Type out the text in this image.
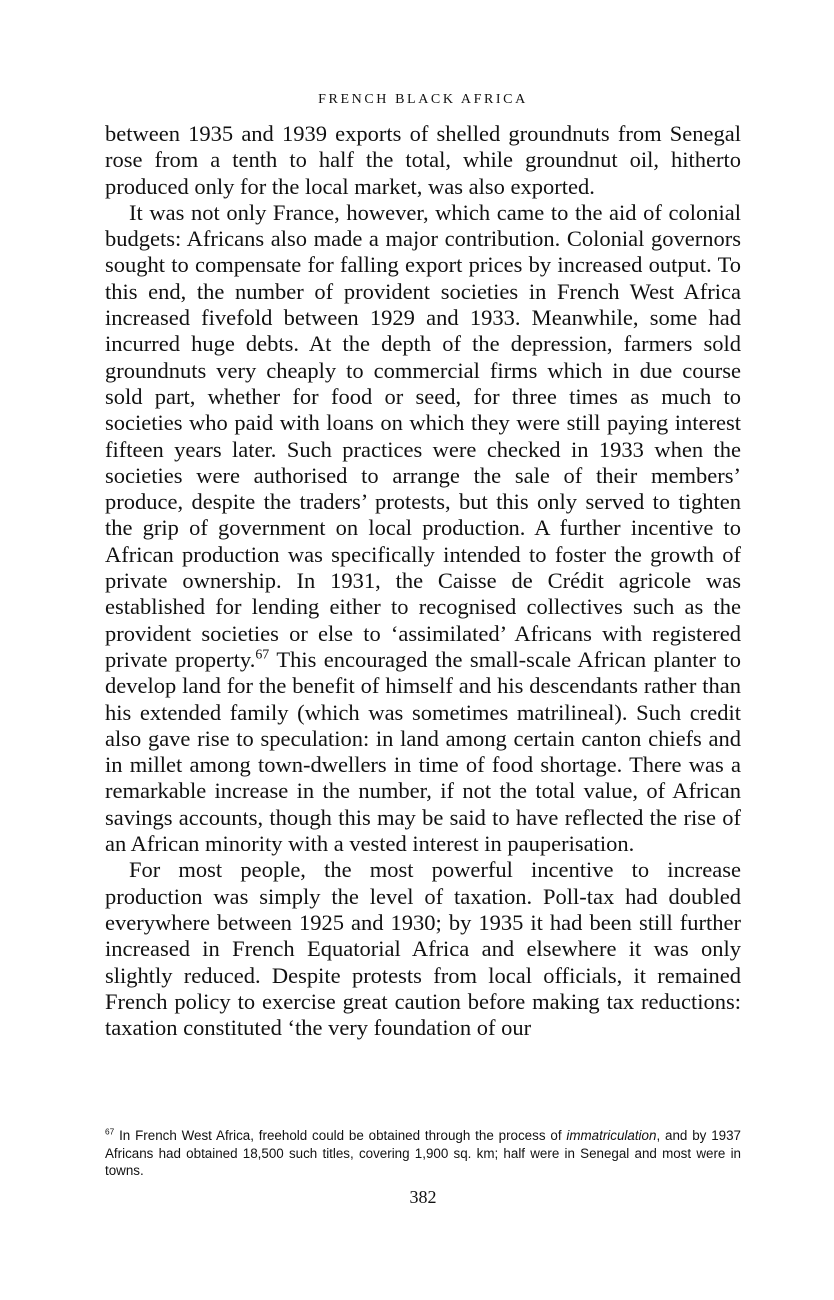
FRENCH BLACK AFRICA

between 1935 and 1939 exports of shelled groundnuts from Senegal rose from a tenth to half the total, while groundnut oil, hitherto produced only for the local market, was also exported.

It was not only France, however, which came to the aid of colonial budgets: Africans also made a major contribution. Colonial governors sought to compensate for falling export prices by increased output. To this end, the number of provident societies in French West Africa increased fivefold between 1929 and 1933. Meanwhile, some had incurred huge debts. At the depth of the depression, farmers sold groundnuts very cheaply to commercial firms which in due course sold part, whether for food or seed, for three times as much to societies who paid with loans on which they were still paying interest fifteen years later. Such practices were checked in 1933 when the societies were authorised to arrange the sale of their members’ produce, despite the traders’ protests, but this only served to tighten the grip of government on local production. A further incentive to African production was specifically intended to foster the growth of private ownership. In 1931, the Caisse de Crédit agricole was established for lending either to recognised collectives such as the provident societies or else to ‘assimilated’ Africans with registered private property.$^{67}$ This encouraged the small-scale African planter to develop land for the benefit of himself and his descendants rather than his extended family (which was sometimes matrilineal). Such credit also gave rise to speculation: in land among certain canton chiefs and in millet among town-dwellers in time of food shortage. There was a remarkable increase in the number, if not the total value, of African savings accounts, though this may be said to have reflected the rise of an African minority with a vested interest in pauperisation.

For most people, the most powerful incentive to increase production was simply the level of taxation. Poll-tax had doubled everywhere between 1925 and 1930; by 1935 it had been still further increased in French Equatorial Africa and elsewhere it was only slightly reduced. Despite protests from local officials, it remained French policy to exercise great caution before making tax reductions: taxation constituted ‘the very foundation of our

$^{67}$ In French West Africa, freehold could be obtained through the process of immatriculation, and by 1937 Africans had obtained 18,500 such titles, covering 1,900 sq. km; half were in Senegal and most were in towns.
382
